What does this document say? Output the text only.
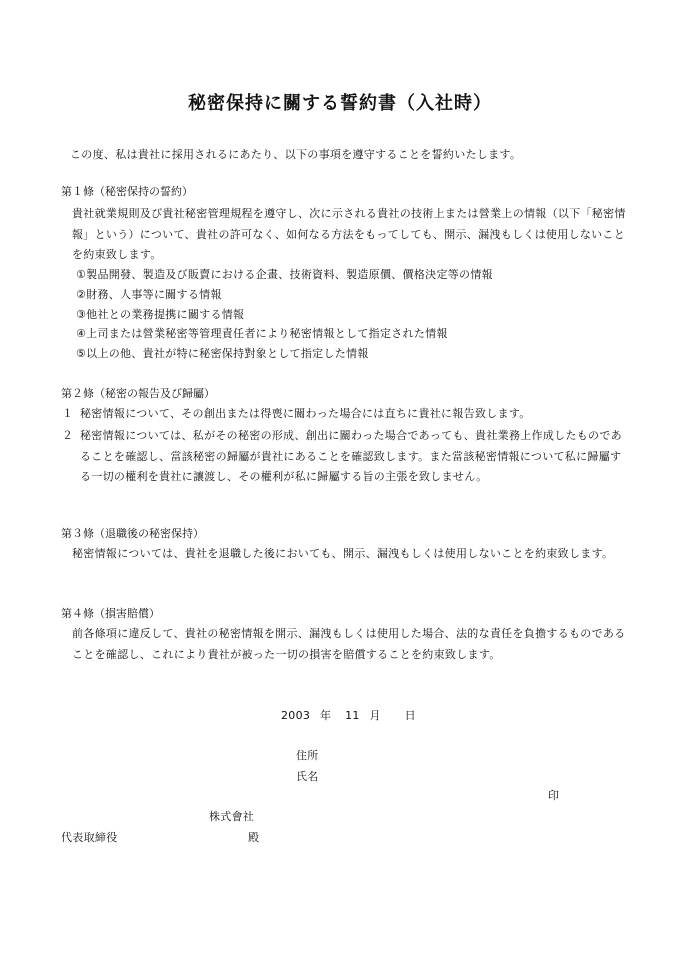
秘密保持に關する誓約書（入社時）
この度、私は貴社に採用されるにあたり、以下の事項を遵守することを誓約いたします。
第１條（秘密保持の誓約）
貴社就業規則及び貴社秘密管理規程を遵守し、次に示される貴社の技術上または營業上の情報（以下「秘密情報」という）について、貴社の許可なく、如何なる方法をもってしても、開示、漏洩もしくは使用しないことを約束致します。
①製品開發、製造及び販賣における企畫、技術資料、製造原價、價格決定等の情報
②財務、人事等に關する情報
③他社との業務提携に關する情報
④上司または營業秘密等管理責任者により秘密情報として指定された情報
⑤以上の他、貴社が特に秘密保持對象として指定した情報
第２條（秘密の報告及び歸屬）
１ 秘密情報について、その創出または得喪に關わった場合には直ちに貴社に報告致します。
２ 秘密情報については、私がその秘密の形成、創出に關わった場合であっても、貴社業務上作成したものであることを確認し、當該秘密の歸屬が貴社にあることを確認致します。また當該秘密情報について私に歸屬する一切の權利を貴社に讓渡し、その權利が私に歸屬する旨の主張を致しません。
第３條（退職後の秘密保持）
秘密情報については、貴社を退職した後においても、開示、漏洩もしくは使用しないことを約束致します。
第４條（損害賠償）
前各條項に違反して、貴社の秘密情報を開示、漏洩もしくは使用した場合、法的な責任を負擔するものであることを確認し、これにより貴社が被った一切の損害を賠償することを約束致します。
2003 年 11 月 日
住所
氏名
印
株式會社
代表取締役	殿
